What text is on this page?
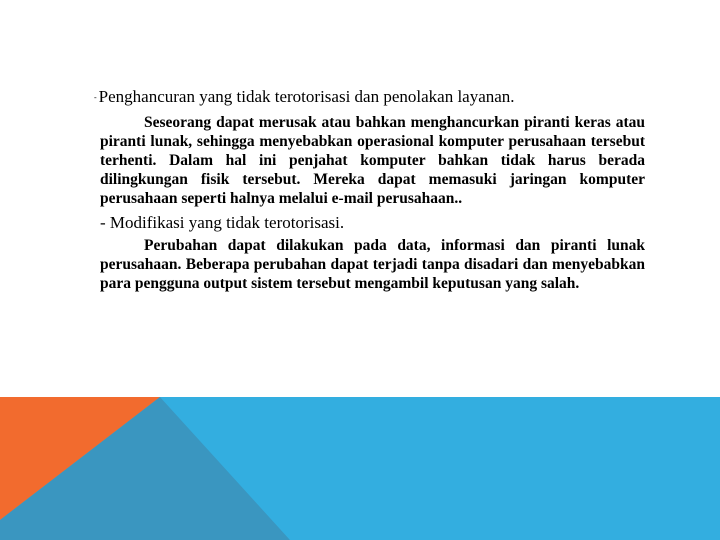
- Penghancuran yang tidak terotorisasi dan penolakan layanan.

Seseorang dapat merusak atau bahkan menghancurkan piranti keras atau piranti lunak, sehingga menyebabkan operasional komputer perusahaan tersebut terhenti. Dalam hal ini penjahat komputer bahkan tidak harus berada dilingkungan fisik tersebut. Mereka dapat memasuki jaringan komputer perusahaan seperti halnya melalui e-mail perusahaan..

- Modifikasi yang tidak terotorisasi.

Perubahan dapat dilakukan pada data, informasi dan piranti lunak perusahaan. Beberapa perubahan dapat terjadi tanpa disadari dan menyebabkan para pengguna output sistem tersebut mengambil keputusan yang salah.
